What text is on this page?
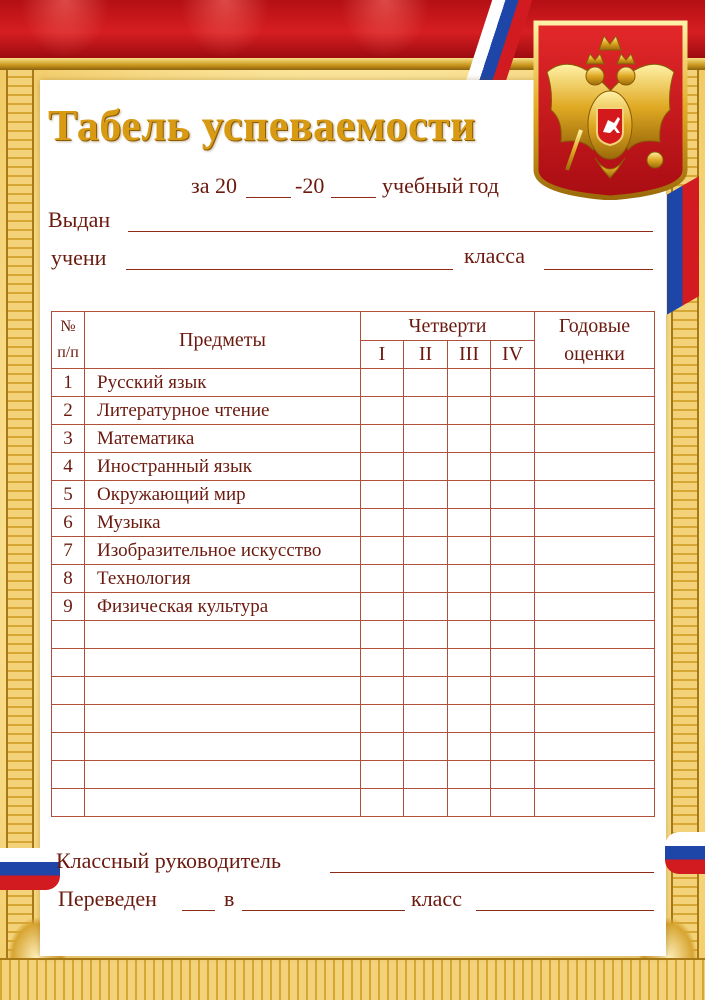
Табель успеваемости
за 20	-20	учебный год
Выдан
учени	класса
№
п/п	Предметы	Четверти				Годовые оценки
		I	II	III	IV	
1	Русский язык					
2	Литературное чтение					
3	Математика					
4	Иностранный язык					
5	Окружающий мир					
6	Музыка					
7	Изобразительное искусство					
8	Технология					
9	Физическая культура					

Классный руководитель
Переведен	в	класс
